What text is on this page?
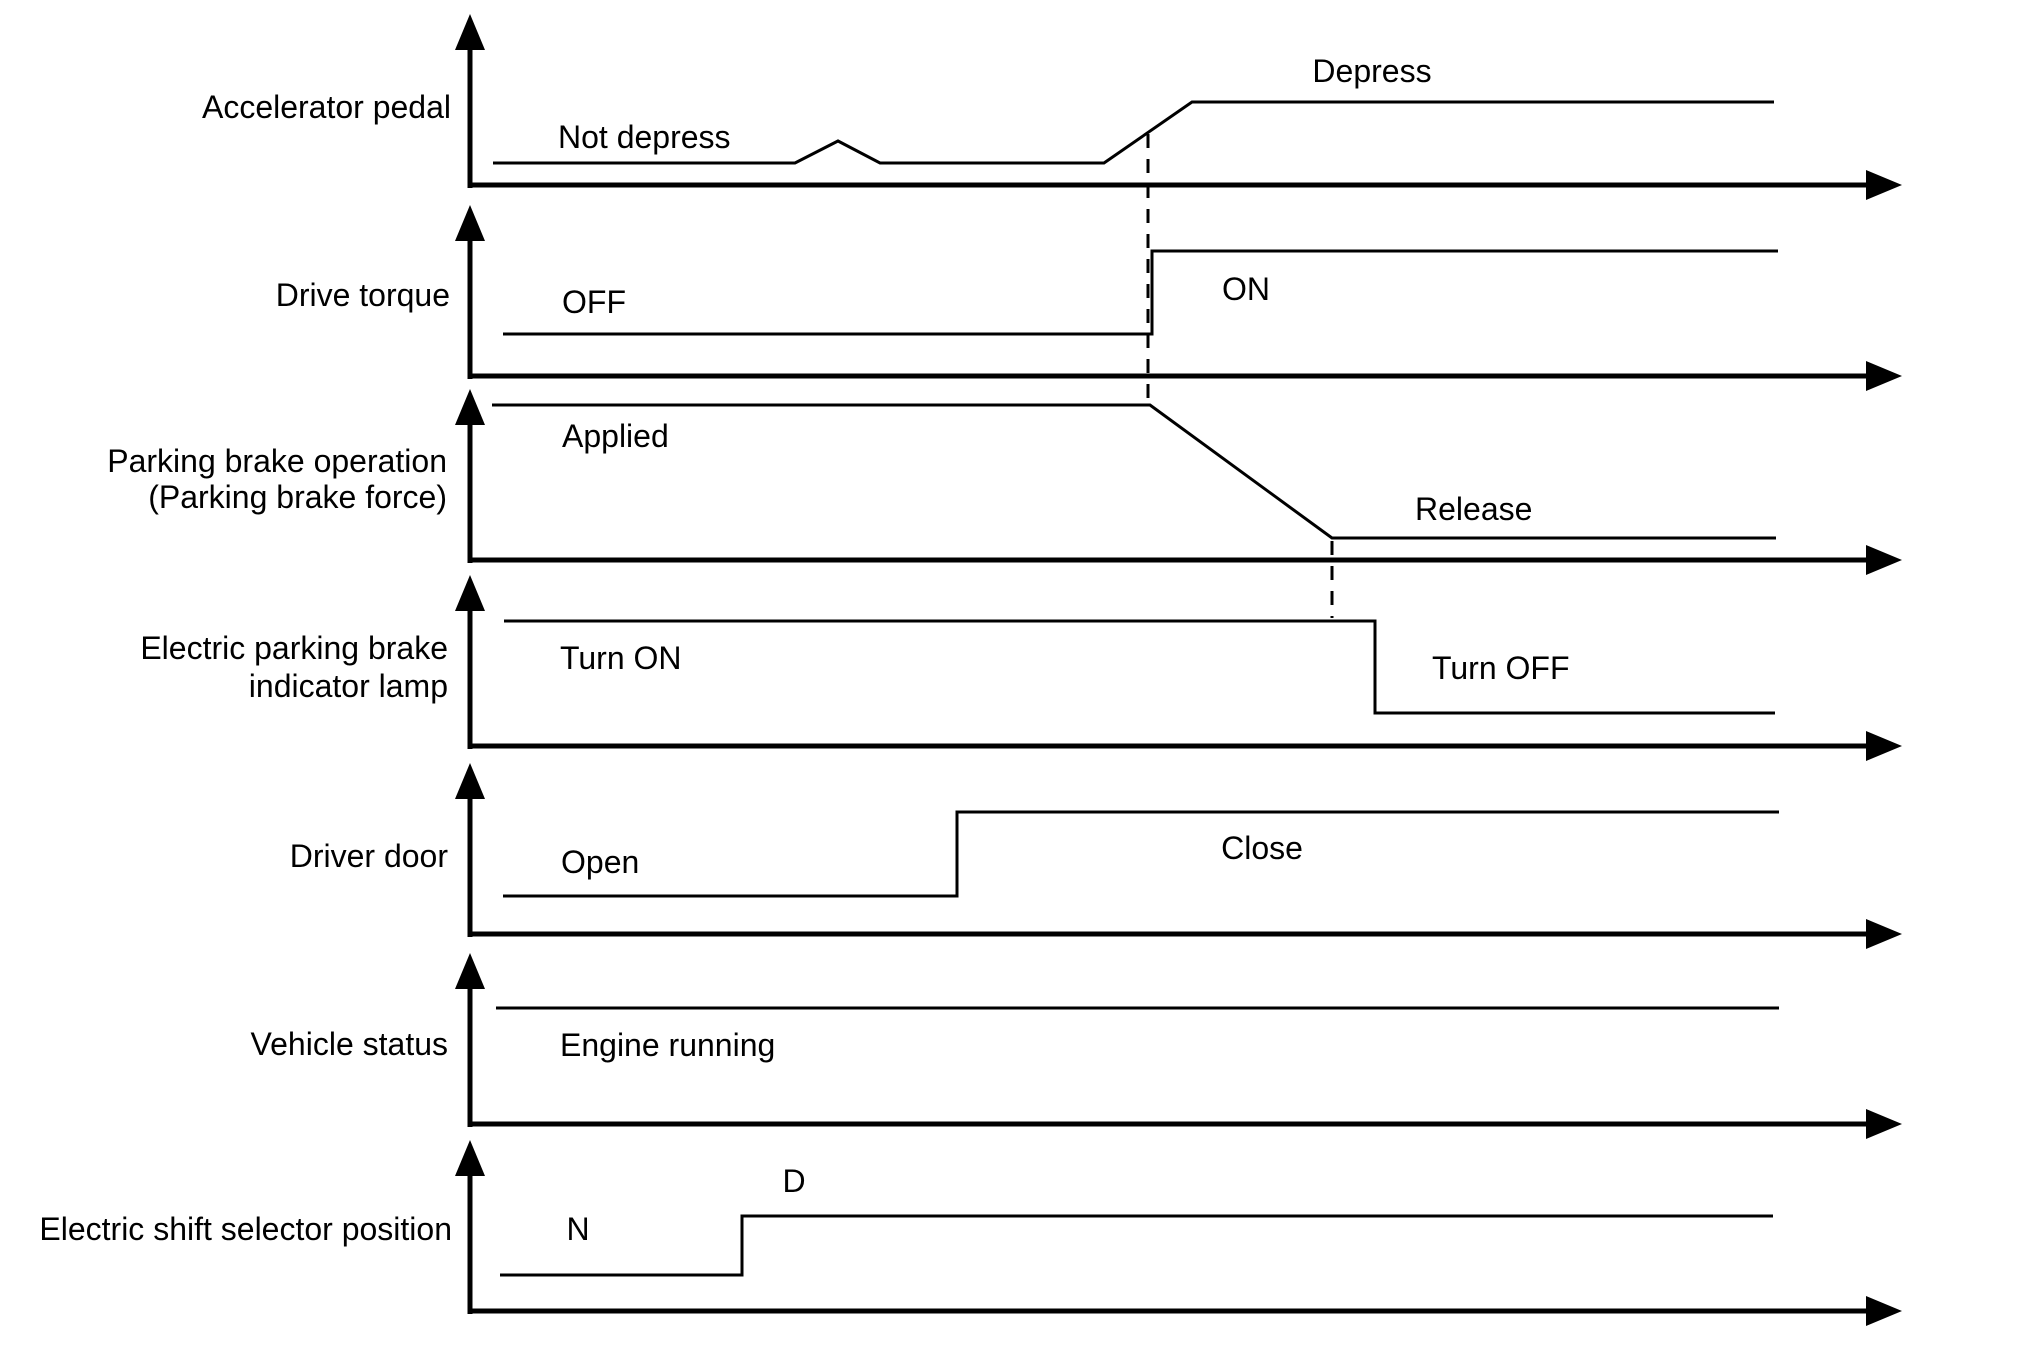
Accelerator pedal
Not depress
Depress
Drive torque	OFF	ON
Parking brake operation
(Parking brake force)
Applied
Release
Electric parking brake
indicator lamp
Turn ON	Turn OFF
Driver door	Open	Close
Vehicle status	Engine running
Electric shift selector position	N
D
